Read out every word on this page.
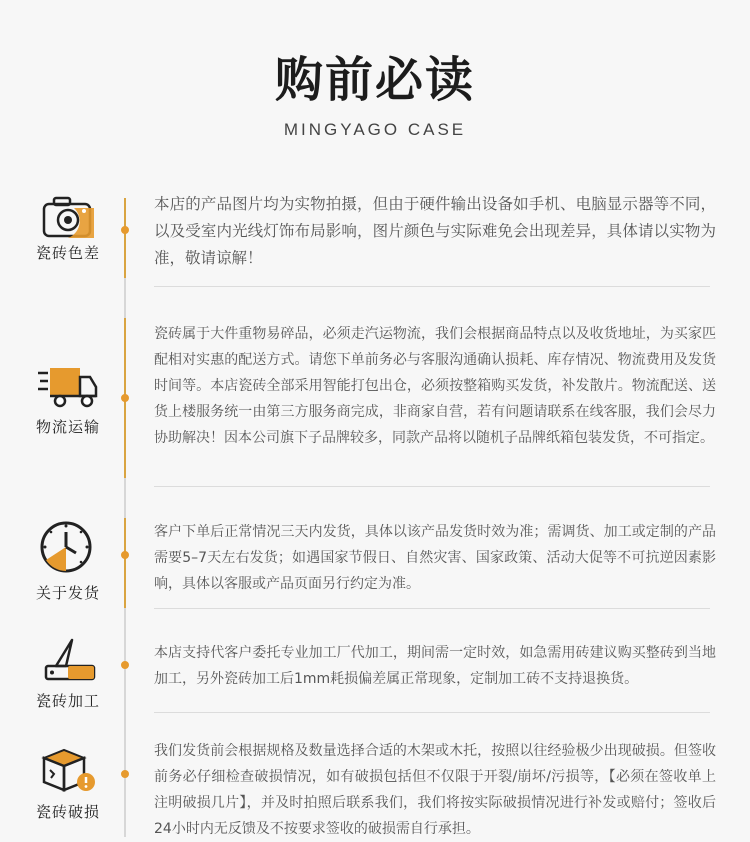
购前必读
MINGYAGO CASE
瓷砖色差

本店的产品图片均为实物拍摄，但由于硬件输出设备如手机、电脑显示器等不同，以及受室内光线灯饰布局影响，图片颜色与实际难免会出现差异，具体请以实物为准，敬请谅解！

物流运输

瓷砖属于大件重物易碎品，必须走汽运物流，我们会根据商品特点以及收货地址，为买家匹配相对实惠的配送方式。请您下单前务必与客服沟通确认损耗、库存情况、物流费用及发货时间等。本店瓷砖全部采用智能打包出仓，必须按整箱购买发货，补发散片。物流配送、送货上楼服务统一由第三方服务商完成，非商家自营，若有问题请联系在线客服，我们会尽力协助解决！因本公司旗下子品牌较多，同款产品将以随机子品牌纸箱包装发货，不可指定。

关于发货

客户下单后正常情况三天内发货，具体以该产品发货时效为准；需调货、加工或定制的产品需要5–7天左右发货；如遇国家节假日、自然灾害、国家政策、活动大促等不可抗逆因素影响，具体以客服或产品页面另行约定为准。

瓷砖加工

本店支持代客户委托专业加工厂代加工，期间需一定时效，如急需用砖建议购买整砖到当地加工，另外瓷砖加工后1mm耗损偏差属正常现象，定制加工砖不支持退换货。

瓷砖破损

我们发货前会根据规格及数量选择合适的木架或木托，按照以往经验极少出现破损。但签收前务必仔细检查破损情况，如有破损包括但不仅限于开裂/崩坏/污损等，【必须在签收单上注明破损几片】，并及时拍照后联系我们，我们将按实际破损情况进行补发或赔付；签收后24小时内无反馈及不按要求签收的破损需自行承担。
